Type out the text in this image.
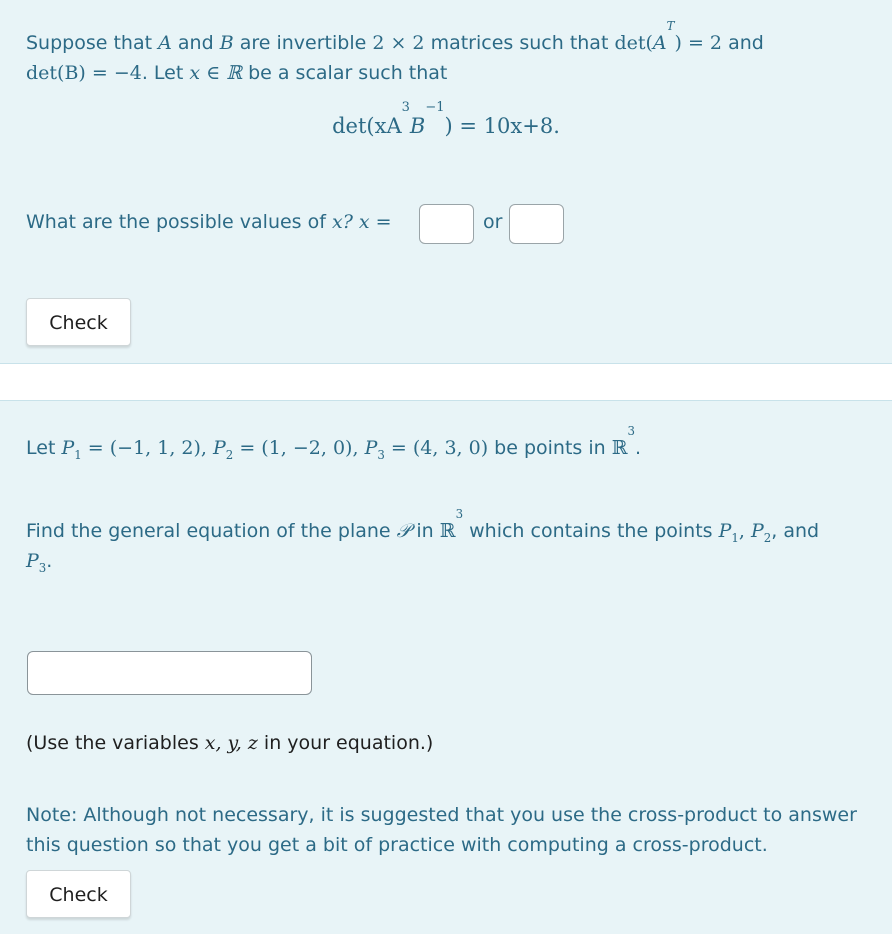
Suppose that A and B are invertible 2 × 2 matrices such that $\det(A^T) = 2$ and
det(B) = −4. Let x ∈ ℝ be a scalar such that
$\det(xA^3B^{-1}) = 10x+8$.
What are the possible values of x? x =	or
Check
Let $P_1 = (-1$, 1, 2), $P_2 = (1$, −2, 0), $P_3 = (4$, 3, 0) be points in ℝ$^3$.
Find the general equation of the plane 𝒫 in ℝ$^3$ which contains the points $P_1$, $P_2$, and
$P_3$.
(Use the variables x, y, z in your equation.)
Note: Although not necessary, it is suggested that you use the cross-product to answer this question so that you get a bit of practice with computing a cross-product.
Check
